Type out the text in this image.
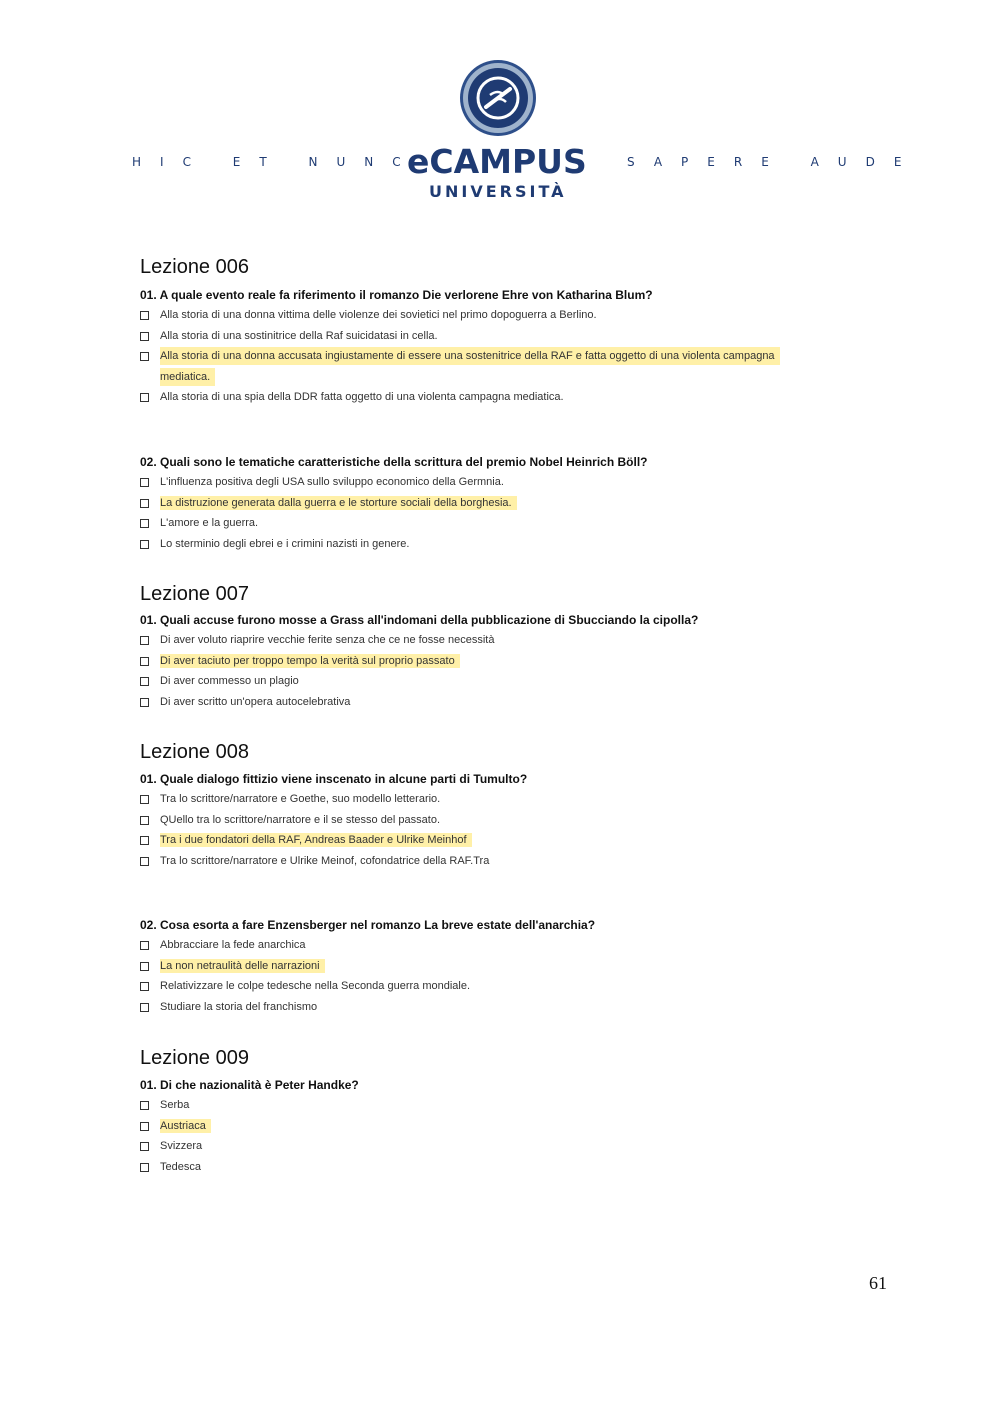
HIC ET NUNC	SAPERE AUDE
eCAMPUS
UNIVERSITÀ
Lezione 006
01. A quale evento reale fa riferimento il romanzo Die verlorene Ehre von Katharina Blum?
Alla storia di una donna vittima delle violenze dei sovietici nel primo dopoguerra a Berlino.
Alla storia di una sostinitrice della Raf suicidatasi in cella.
Alla storia di una donna accusata ingiustamente di essere una sostenitrice della RAF e fatta oggetto di una violenta campagna mediatica.
Alla storia di una spia della DDR fatta oggetto di una violenta campagna mediatica.
02. Quali sono le tematiche caratteristiche della scrittura del premio Nobel Heinrich Böll?
L'influenza positiva degli USA sullo sviluppo economico della Germnia.
La distruzione generata dalla guerra e le storture sociali della borghesia.
L'amore e la guerra.
Lo sterminio degli ebrei e i crimini nazisti in genere.
Lezione 007
01. Quali accuse furono mosse a Grass all'indomani della pubblicazione di Sbucciando la cipolla?
Di aver voluto riaprire vecchie ferite senza che ce ne fosse necessità
Di aver taciuto per troppo tempo la verità sul proprio passato
Di aver commesso un plagio
Di aver scritto un'opera autocelebrativa
Lezione 008
01. Quale dialogo fittizio viene inscenato in alcune parti di Tumulto?
Tra lo scrittore/narratore e Goethe, suo modello letterario.
QUello tra lo scrittore/narratore e il se stesso del passato.
Tra i due fondatori della RAF, Andreas Baader e Ulrike Meinhof
Tra lo scrittore/narratore e Ulrike Meinof, cofondatrice della RAF.Tra
02. Cosa esorta a fare Enzensberger nel romanzo La breve estate dell'anarchia?
Abbracciare la fede anarchica
La non netraulità delle narrazioni
Relativizzare le colpe tedesche nella Seconda guerra mondiale.
Studiare la storia del franchismo
Lezione 009
01. Di che nazionalità è Peter Handke?
Serba
Austriaca
Svizzera
Tedesca
61
